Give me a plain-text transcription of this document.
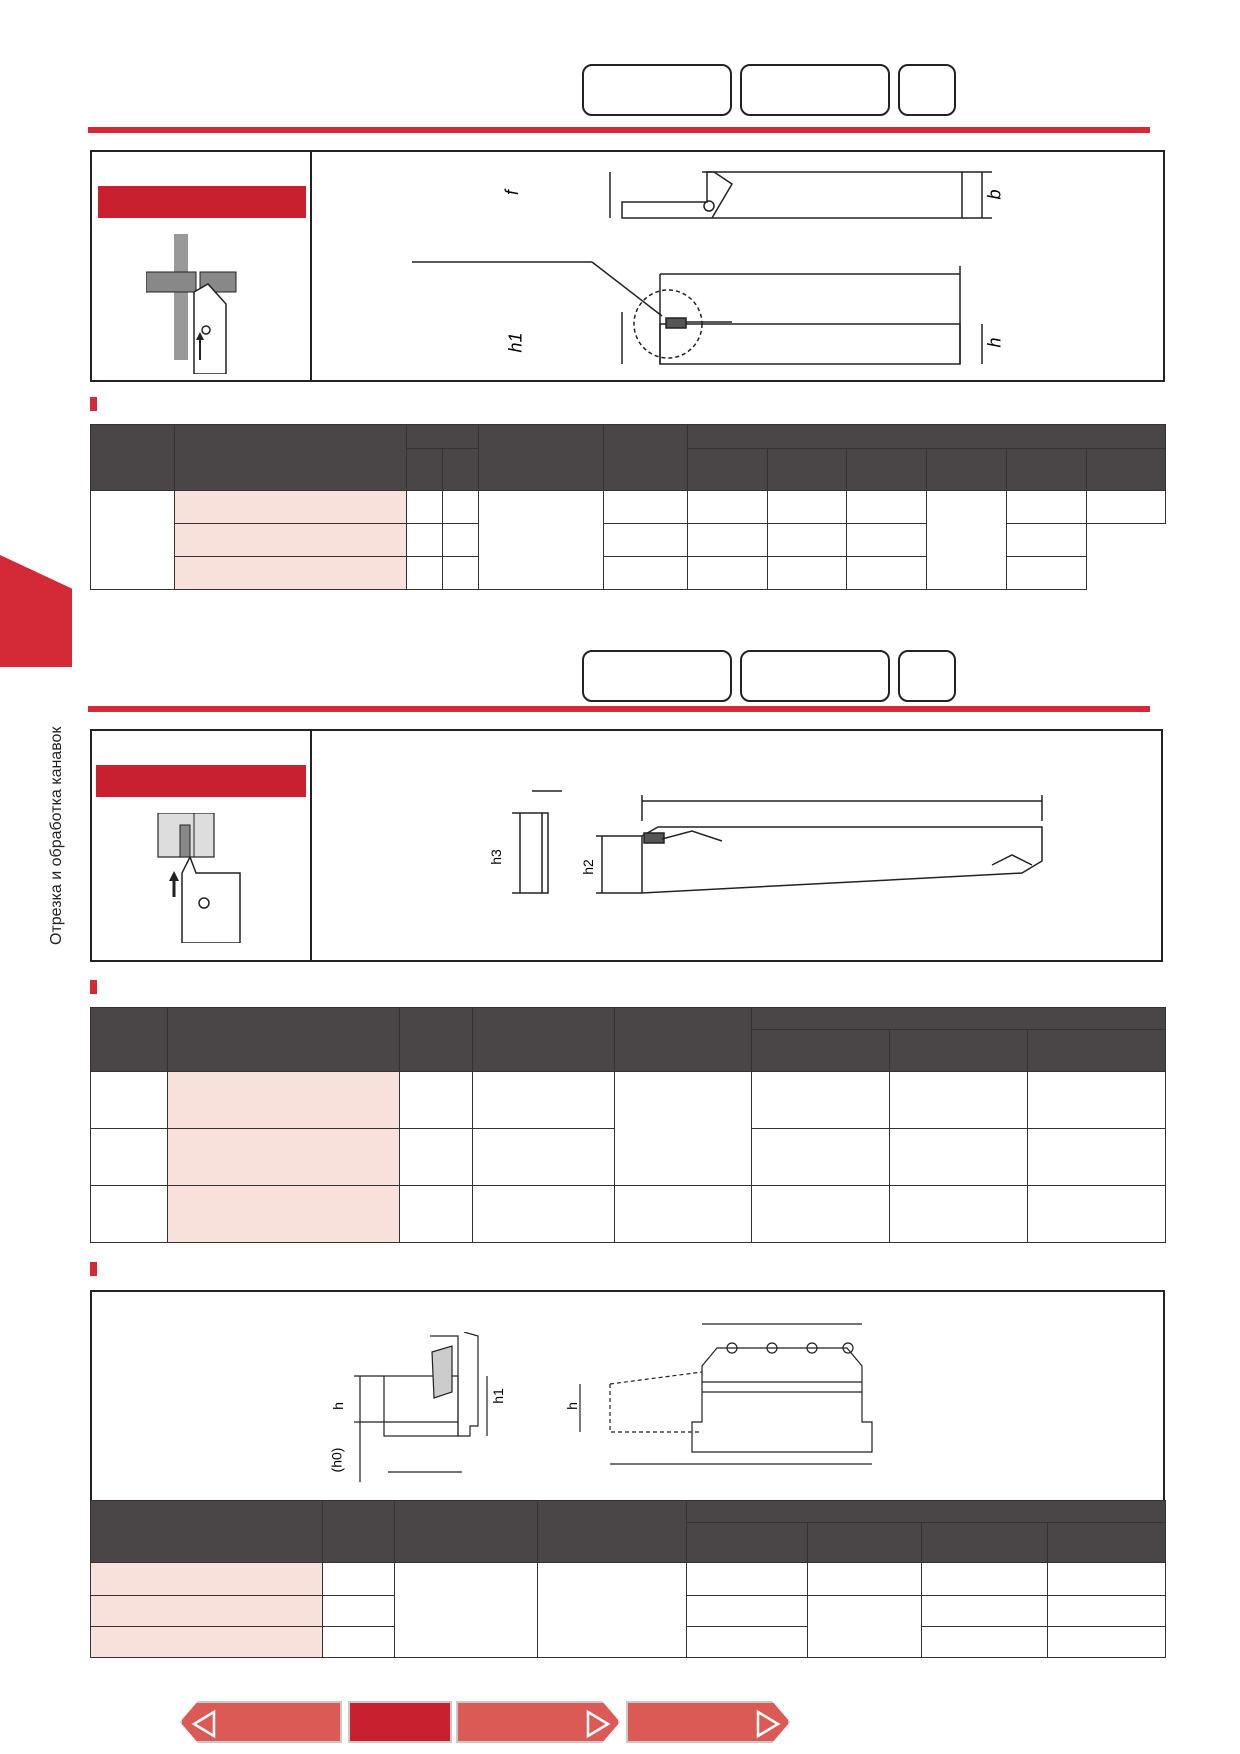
Отрезка и обработка канавок
f	b
h1	h

h3
h2

h
h1
(h0)
h
